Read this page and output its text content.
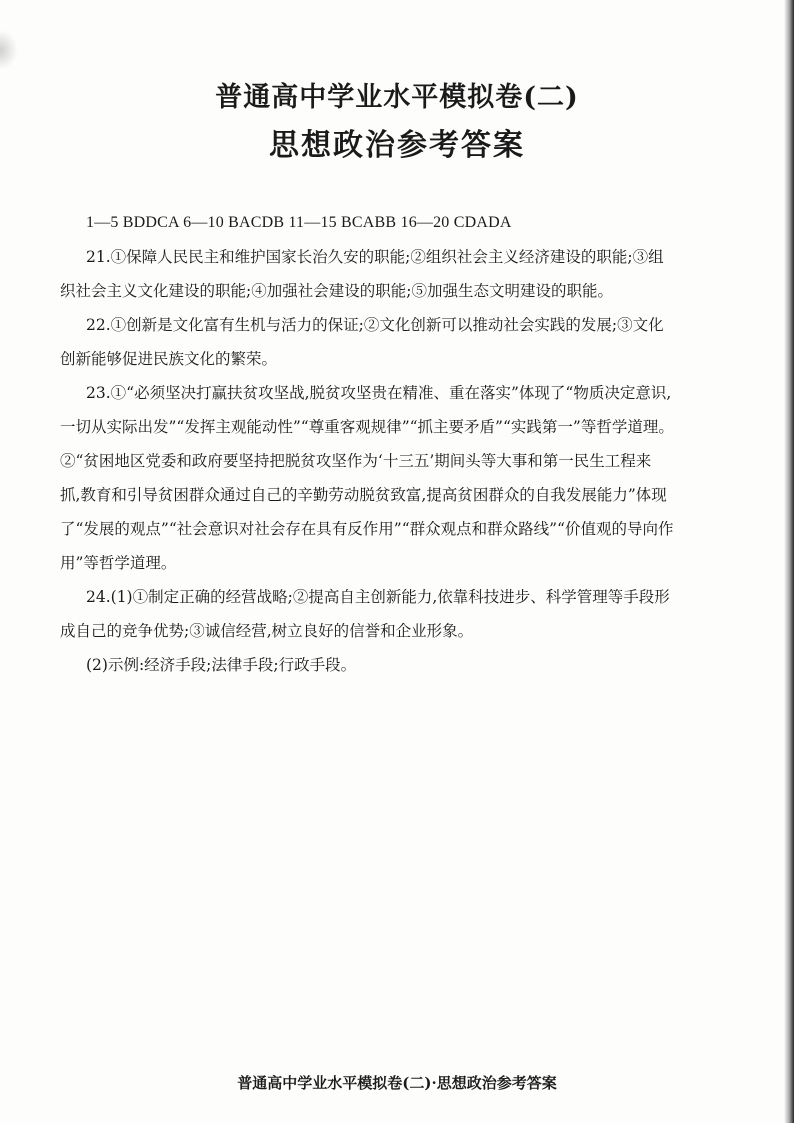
普通高中学业水平模拟卷(二)
思想政治参考答案
1—5 BDDCA 6—10 BACDB 11—15 BCABB 16—20 CDADA
21.①保障人民民主和维护国家长治久安的职能;②组织社会主义经济建设的职能;③组
织社会主义文化建设的职能;④加强社会建设的职能;⑤加强生态文明建设的职能。
22.①创新是文化富有生机与活力的保证;②文化创新可以推动社会实践的发展;③文化
创新能够促进民族文化的繁荣。
23.①“必须坚决打赢扶贫攻坚战,脱贫攻坚贵在精准、重在落实”体现了“物质决定意识,
一切从实际出发”“发挥主观能动性”“尊重客观规律”“抓主要矛盾”“实践第一”等哲学道理。
②“贫困地区党委和政府要坚持把脱贫攻坚作为‘十三五’期间头等大事和第一民生工程来
抓,教育和引导贫困群众通过自己的辛勤劳动脱贫致富,提高贫困群众的自我发展能力”体现
了“发展的观点”“社会意识对社会存在具有反作用”“群众观点和群众路线”“价值观的导向作
用”等哲学道理。
24.(1)①制定正确的经营战略;②提高自主创新能力,依靠科技进步、科学管理等手段形
成自己的竞争优势;③诚信经营,树立良好的信誉和企业形象。
(2)示例:经济手段;法律手段;行政手段。
普通高中学业水平模拟卷(二)·思想政治参考答案
